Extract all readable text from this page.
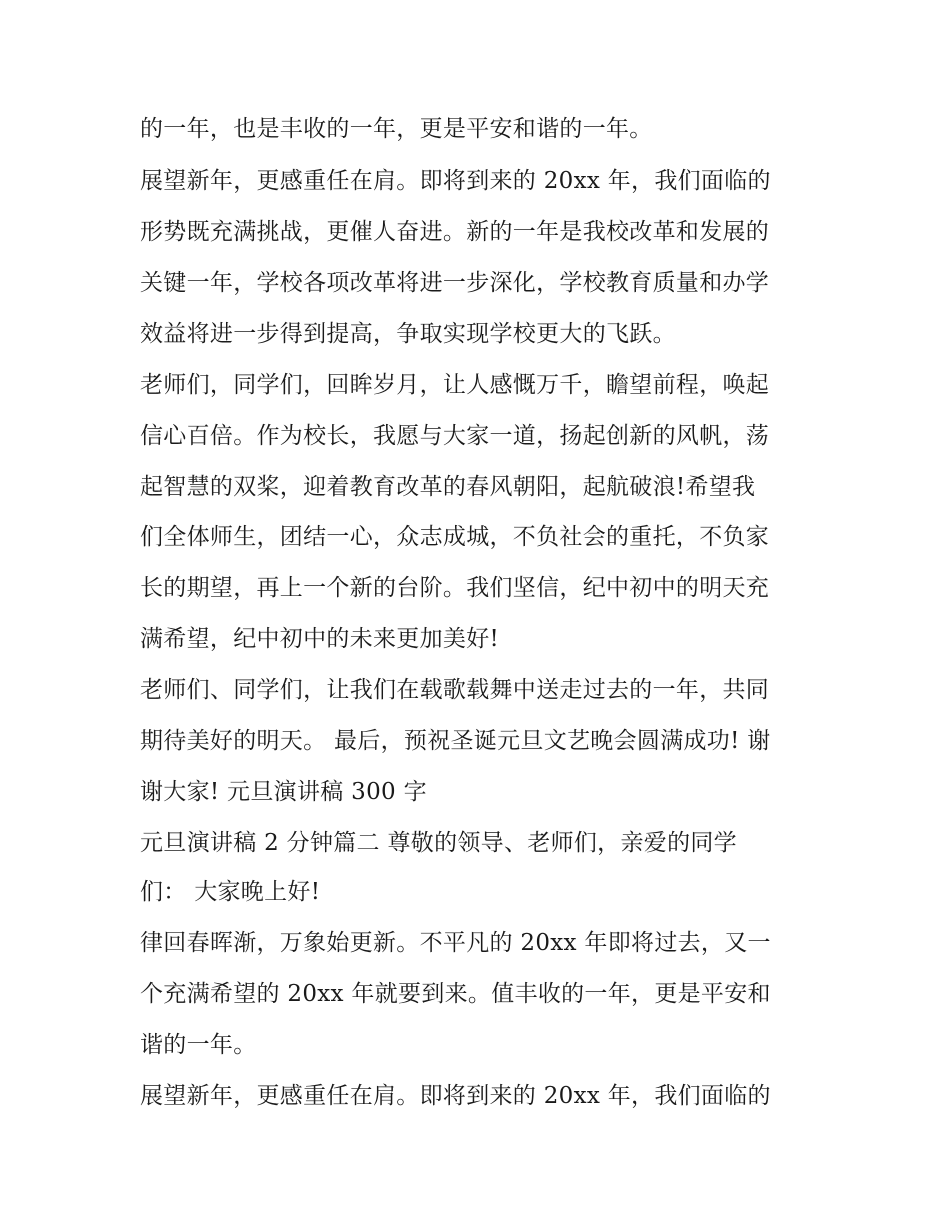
的一年，也是丰收的一年，更是平安和谐的一年。
展望新年，更感重任在肩。即将到来的 20xx 年，我们面临的
形势既充满挑战，更催人奋进。新的一年是我校改革和发展的
关键一年，学校各项改革将进一步深化，学校教育质量和办学
效益将进一步得到提高，争取实现学校更大的飞跃。
老师们，同学们，回眸岁月，让人感慨万千，瞻望前程，唤起
信心百倍。作为校长，我愿与大家一道，扬起创新的风帆，荡
起智慧的双桨，迎着教育改革的春风朝阳，起航破浪!希望我
们全体师生，团结一心，众志成城，不负社会的重托，不负家
长的期望，再上一个新的台阶。我们坚信，纪中初中的明天充
满希望，纪中初中的未来更加美好!
老师们、同学们，让我们在载歌载舞中送走过去的一年，共同
期待美好的明天。 最后，预祝圣诞元旦文艺晚会圆满成功! 谢
谢大家! 元旦演讲稿 300 字
元旦演讲稿 2 分钟篇二 尊敬的领导、老师们，亲爱的同学
们： 大家晚上好!
律回春晖渐，万象始更新。不平凡的 20xx 年即将过去，又一
个充满希望的 20xx 年就要到来。值丰收的一年，更是平安和
谐的一年。
展望新年，更感重任在肩。即将到来的 20xx 年，我们面临的
